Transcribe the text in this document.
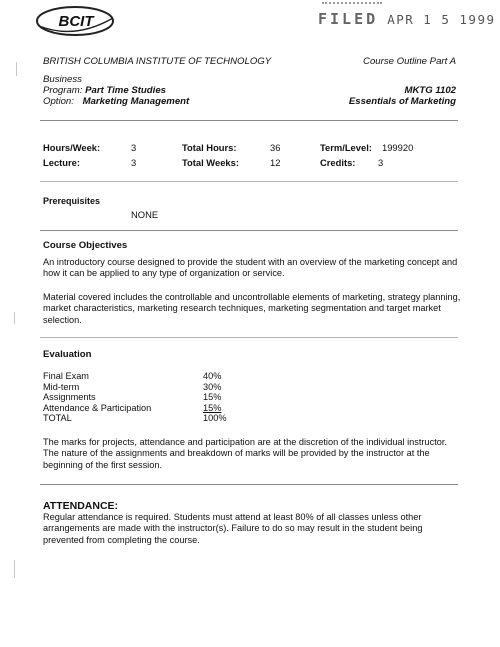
BCIT	FILED APR 1 5 1999
BRITISH COLUMBIA INSTITUTE OF TECHNOLOGY	Course Outline Part A
Business
Program: Part Time Studies	MKTG 1102
Option: Marketing Management	Essentials of Marketing
Hours/Week:	3	Total Hours:	36	Term/Level: 199920
Lecture:	3	Total Weeks:	12	Credits: 3
Prerequisites
NONE
Course Objectives
An introductory course designed to provide the student with an overview of the marketing concept and how it can be applied to any type of organization or service.
Material covered includes the controllable and uncontrollable elements of marketing, strategy planning, market characteristics, marketing research techniques, marketing segmentation and target market selection.
Evaluation
Final Exam	40%
Mid-term	30%
Assignments	15%
Attendance & Participation	15%
TOTAL	100%
The marks for projects, attendance and participation are at the discretion of the individual instructor. The nature of the assignments and breakdown of marks will be provided by the instructor at the beginning of the first session.
ATTENDANCE:
Regular attendance is required. Students must attend at least 80% of all classes unless other arrangements are made with the instructor(s). Failure to do so may result in the student being prevented from completing the course.
